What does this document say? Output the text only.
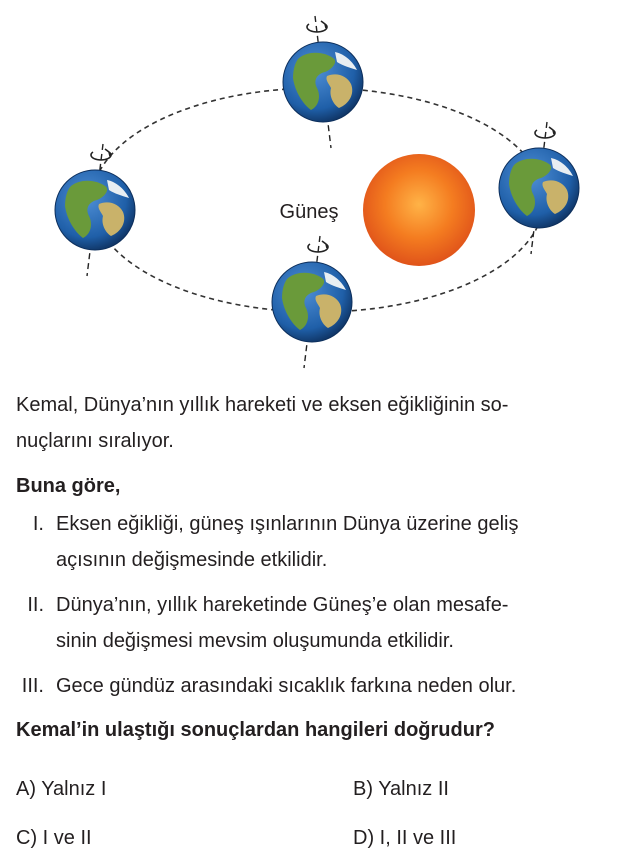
Güneş
Kemal, Dünya’nın yıllık hareketi ve eksen eğikliğinin so-
nuçlarını sıralıyor.
Buna göre,
I. Eksen eğikliği, güneş ışınlarının Dünya üzerine geliş
açısının değişmesinde etkilidir.
II. Dünya’nın, yıllık hareketinde Güneş’e olan mesafe-
sinin değişmesi mevsim oluşumunda etkilidir.
III. Gece gündüz arasındaki sıcaklık farkına neden olur.
Kemal’in ulaştığı sonuçlardan hangileri doğrudur?
A) Yalnız I	B) Yalnız II
C) I ve II	D) I, II ve III
